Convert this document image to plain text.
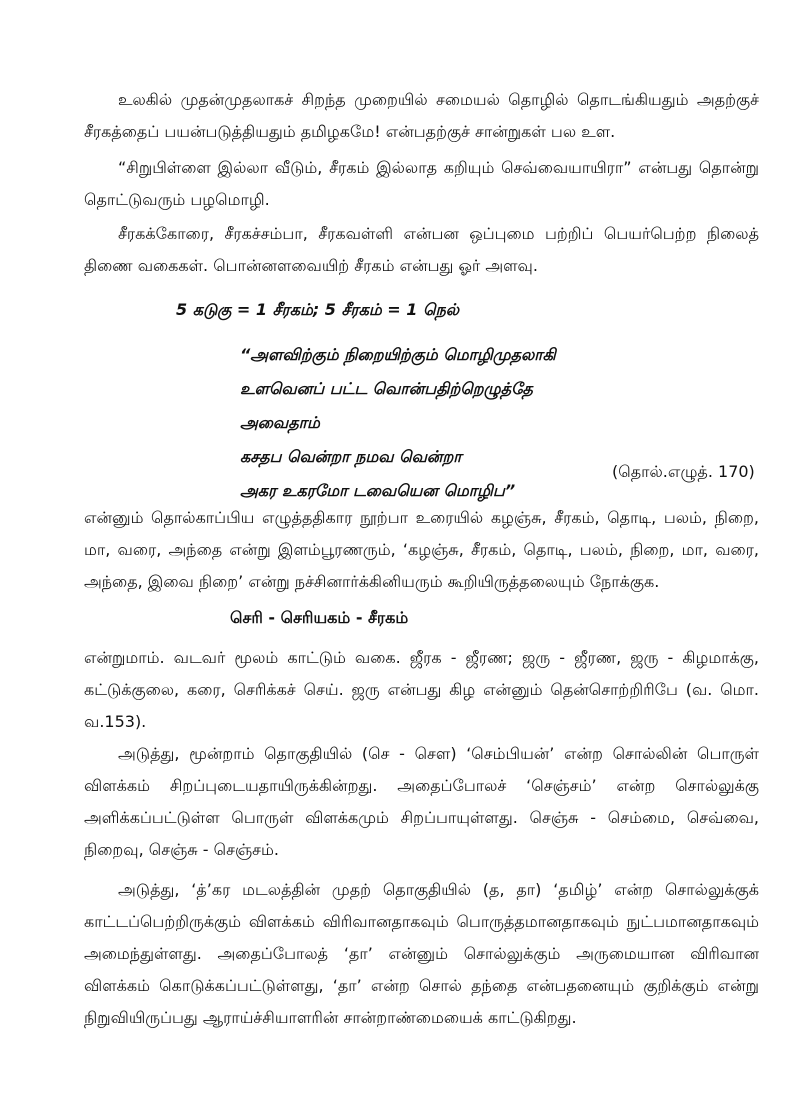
உலகில் முதன்முதலாகச் சிறந்த முறையில் சமையல் தொழில் தொடங்கியதும் அதற்குச் சீரகத்தைப் பயன்படுத்தியதும் தமிழகமே! என்பதற்குச் சான்றுகள் பல உள.

“சிறுபிள்ளை இல்லா வீடும், சீரகம் இல்லாத கறியும் செவ்வையாயிரா” என்பது தொன்று தொட்டுவரும் பழமொழி.

சீரகக்கோரை, சீரகச்சம்பா, சீரகவள்ளி என்பன ஒப்புமை பற்றிப் பெயர்பெற்ற நிலைத் திணை வகைகள். பொன்னளவையிற் சீரகம் என்பது ஓர் அளவு.

5 கடுகு = 1 சீரகம்; 5 சீரகம் = 1 நெல்

“அளவிற்கும் நிறையிற்கும் மொழிமுதலாகி
உளவெனப் பட்ட வொன்பதிற்றெழுத்தே
அவைதாம்
கசதப வென்றா நமவ வென்றா
அகர உகரமோ டவையென மொழிப”
(தொல்.எழுத். 170)

என்னும் தொல்காப்பிய எழுத்ததிகார நூற்பா உரையில் கழஞ்சு, சீரகம், தொடி, பலம், நிறை, மா, வரை, அந்தை என்று இளம்பூரணரும், ‘கழஞ்சு, சீரகம், தொடி, பலம், நிறை, மா, வரை, அந்தை, இவை நிறை’ என்று நச்சினார்க்கினியரும் கூறியிருத்தலையும் நோக்குக.

செரி - செரியகம் - சீரகம்

என்றுமாம். வடவர் மூலம் காட்டும் வகை. ஜீரக - ஜீரண; ஜரு - ஜீரண, ஜரு - கிழமாக்கு, கட்டுக்குலை, கரை, செரிக்கச் செய். ஜரு என்பது கிழ என்னும் தென்சொற்றிரிபே (வ. மொ. வ.153).

அடுத்து, மூன்றாம் தொகுதியில் (செ - சௌ) ‘செம்பியன்’ என்ற சொல்லின் பொருள் விளக்கம் சிறப்புடையதாயிருக்கின்றது. அதைப்போலச் ‘செஞ்சம்’ என்ற சொல்லுக்கு அளிக்கப்பட்டுள்ள பொருள் விளக்கமும் சிறப்பாயுள்ளது. செஞ்சு - செம்மை, செவ்வை, நிறைவு, செஞ்சு - செஞ்சம்.

அடுத்து, ‘த்’கர மடலத்தின் முதற் தொகுதியில் (த, தா) ‘தமிழ்’ என்ற சொல்லுக்குக் காட்டப்பெற்றிருக்கும் விளக்கம் விரிவானதாகவும் பொருத்தமானதாகவும் நுட்பமானதாகவும் அமைந்துள்ளது. அதைப்போலத் ‘தா’ என்னும் சொல்லுக்கும் அருமையான விரிவான விளக்கம் கொடுக்கப்பட்டுள்ளது, ‘தா’ என்ற சொல் தந்தை என்பதனையும் குறிக்கும் என்று நிறுவியிருப்பது ஆராய்ச்சியாளரின் சான்றாண்மையைக் காட்டுகிறது.
